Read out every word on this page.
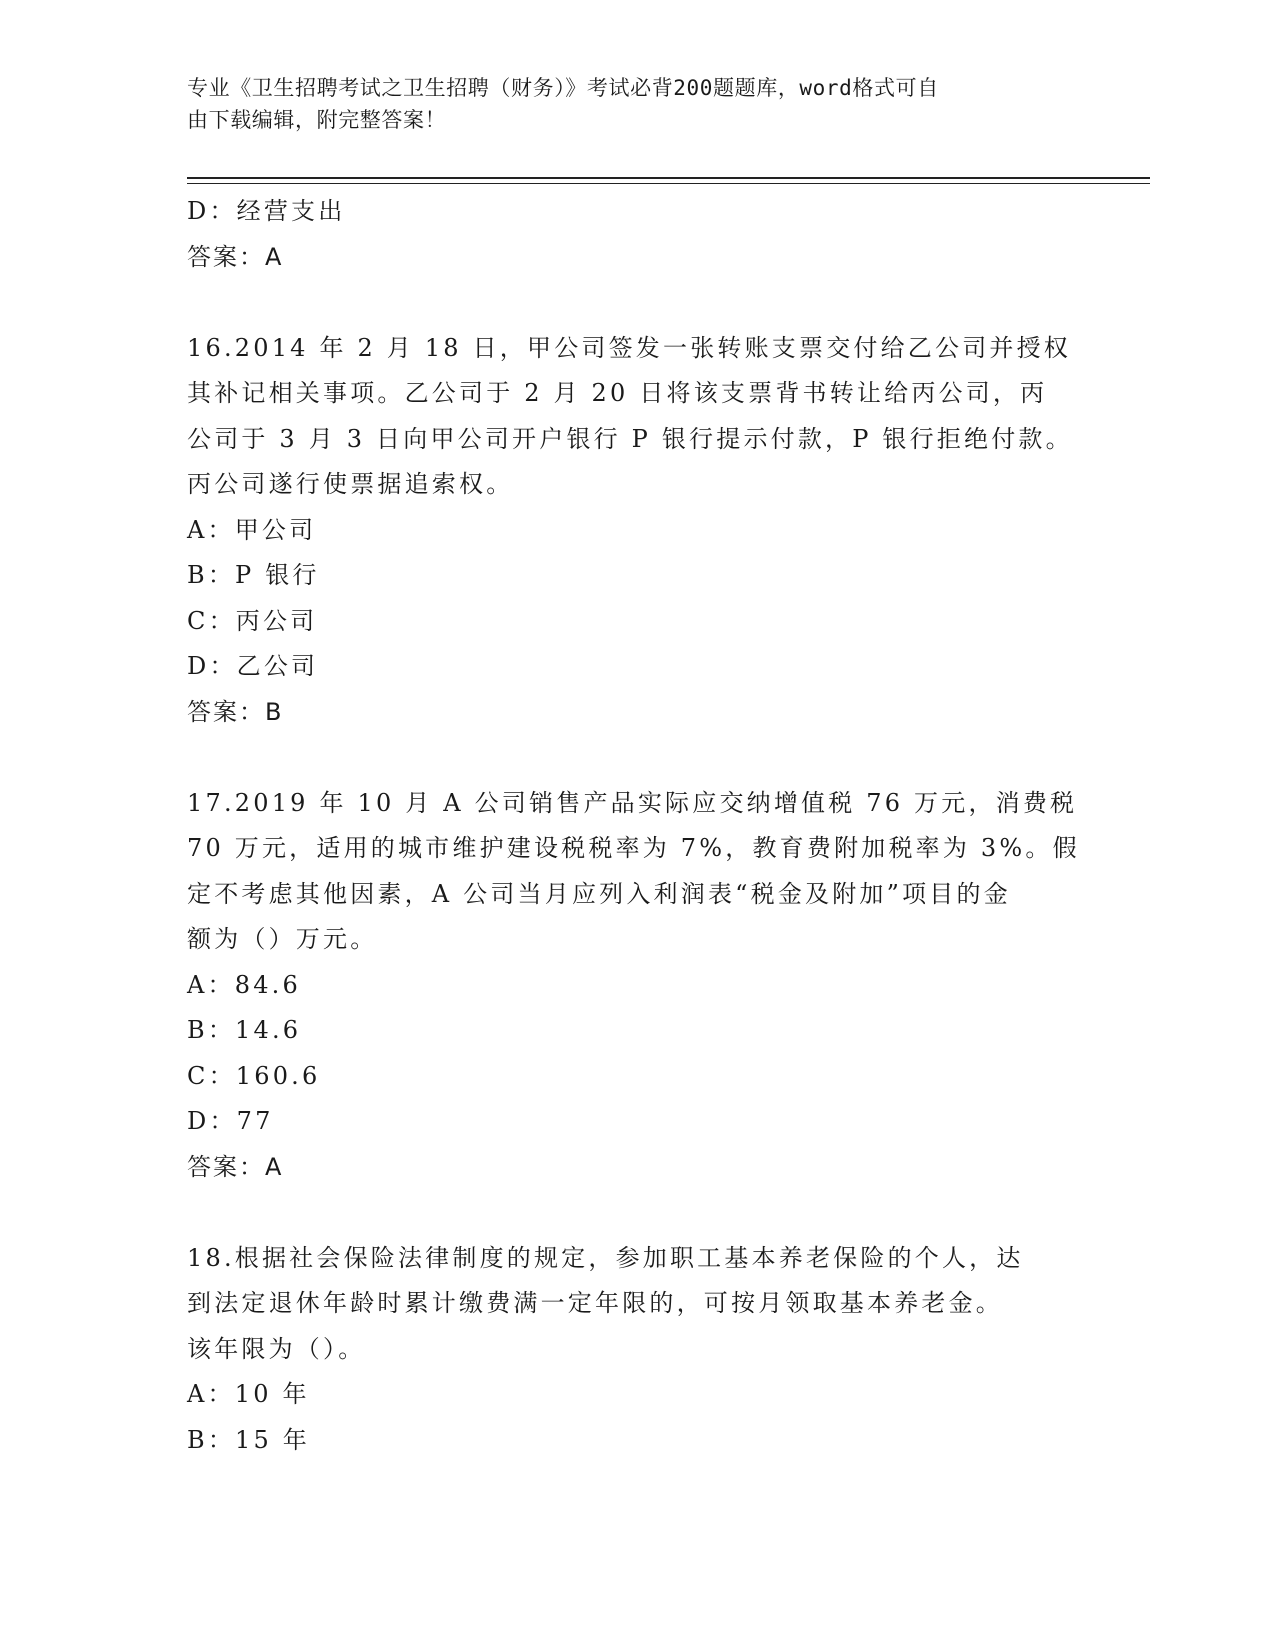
专业《卫生招聘考试之卫生招聘（财务）》考试必背200题题库，word格式可自
由下载编辑，附完整答案！
D：经营支出
答案：A
16.2014 年 2 月 18 日，甲公司签发一张转账支票交付给乙公司并授权
其补记相关事项。乙公司于 2 月 20 日将该支票背书转让给丙公司，丙
公司于 3 月 3 日向甲公司开户银行 P 银行提示付款，P 银行拒绝付款。
丙公司遂行使票据追索权。
A：甲公司
B：P 银行
C：丙公司
D：乙公司
答案：B
17.2019 年 10 月 A 公司销售产品实际应交纳增值税 76 万元，消费税
70 万元，适用的城市维护建设税税率为 7%，教育费附加税率为 3%。假
定不考虑其他因素，A 公司当月应列入利润表“税金及附加”项目的金
额为（）万元。
A：84.6
B：14.6
C：160.6
D：77
答案：A
18.根据社会保险法律制度的规定，参加职工基本养老保险的个人，达
到法定退休年龄时累计缴费满一定年限的，可按月领取基本养老金。
该年限为（）。
A：10 年
B：15 年
